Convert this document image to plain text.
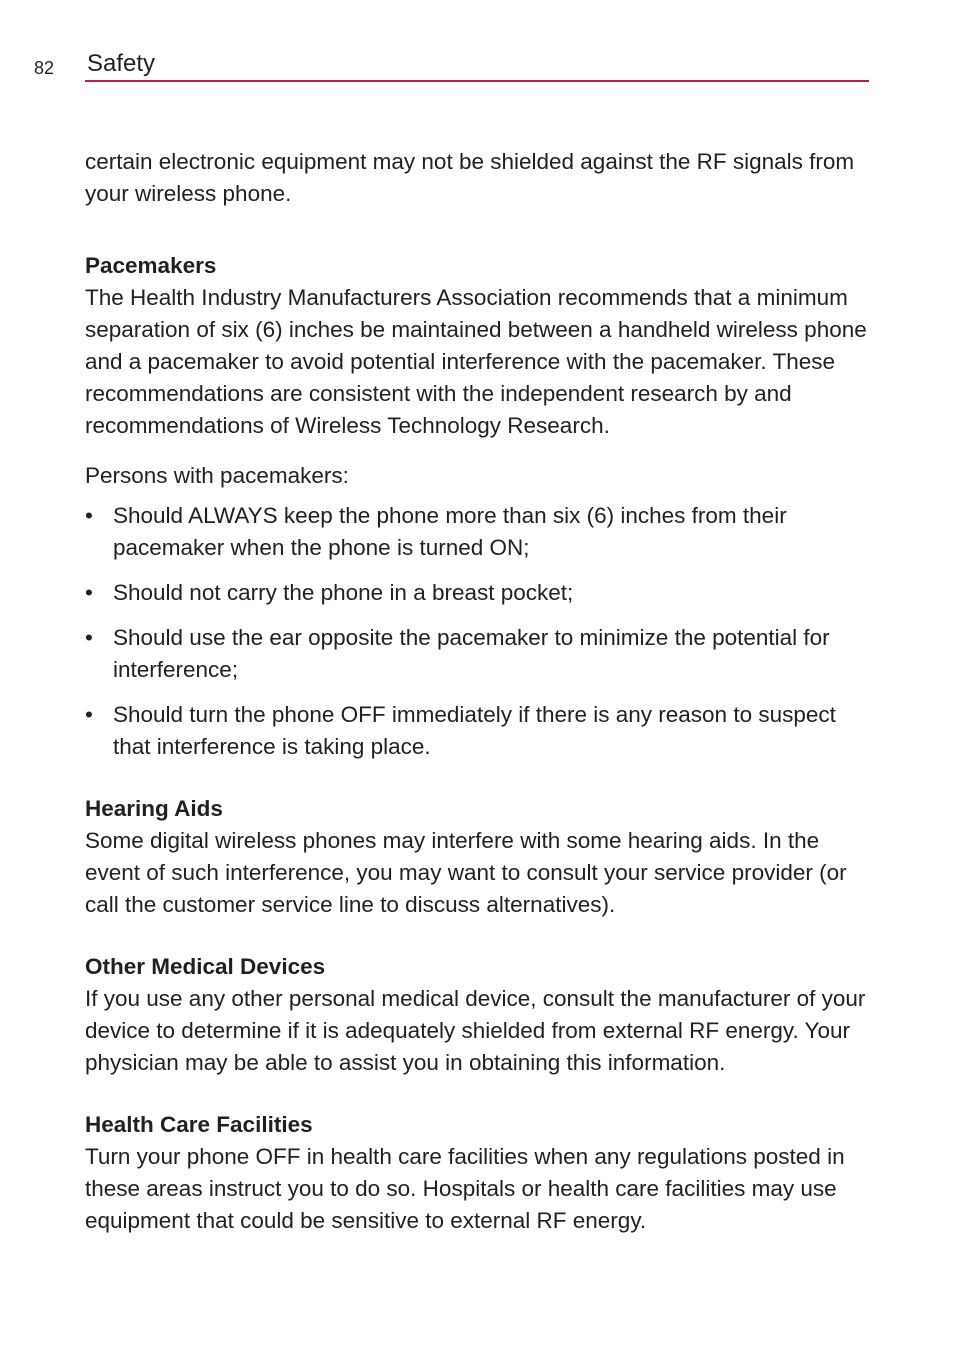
82 Safety

certain electronic equipment may not be shielded against the RF signals from your wireless phone.

Pacemakers

The Health Industry Manufacturers Association recommends that a minimum separation of six (6) inches be maintained between a handheld wireless phone and a pacemaker to avoid potential interference with the pacemaker. These recommendations are consistent with the independent research by and recommendations of Wireless Technology Research.

Persons with pacemakers:

• Should ALWAYS keep the phone more than six (6) inches from their pacemaker when the phone is turned ON;
• Should not carry the phone in a breast pocket;
• Should use the ear opposite the pacemaker to minimize the potential for interference;
• Should turn the phone OFF immediately if there is any reason to suspect that interference is taking place.
Hearing Aids

Some digital wireless phones may interfere with some hearing aids. In the event of such interference, you may want to consult your service provider (or call the customer service line to discuss alternatives).

Other Medical Devices

If you use any other personal medical device, consult the manufacturer of your device to determine if it is adequately shielded from external RF energy. Your physician may be able to assist you in obtaining this information.

Health Care Facilities

Turn your phone OFF in health care facilities when any regulations posted in these areas instruct you to do so. Hospitals or health care facilities may use equipment that could be sensitive to external RF energy.
